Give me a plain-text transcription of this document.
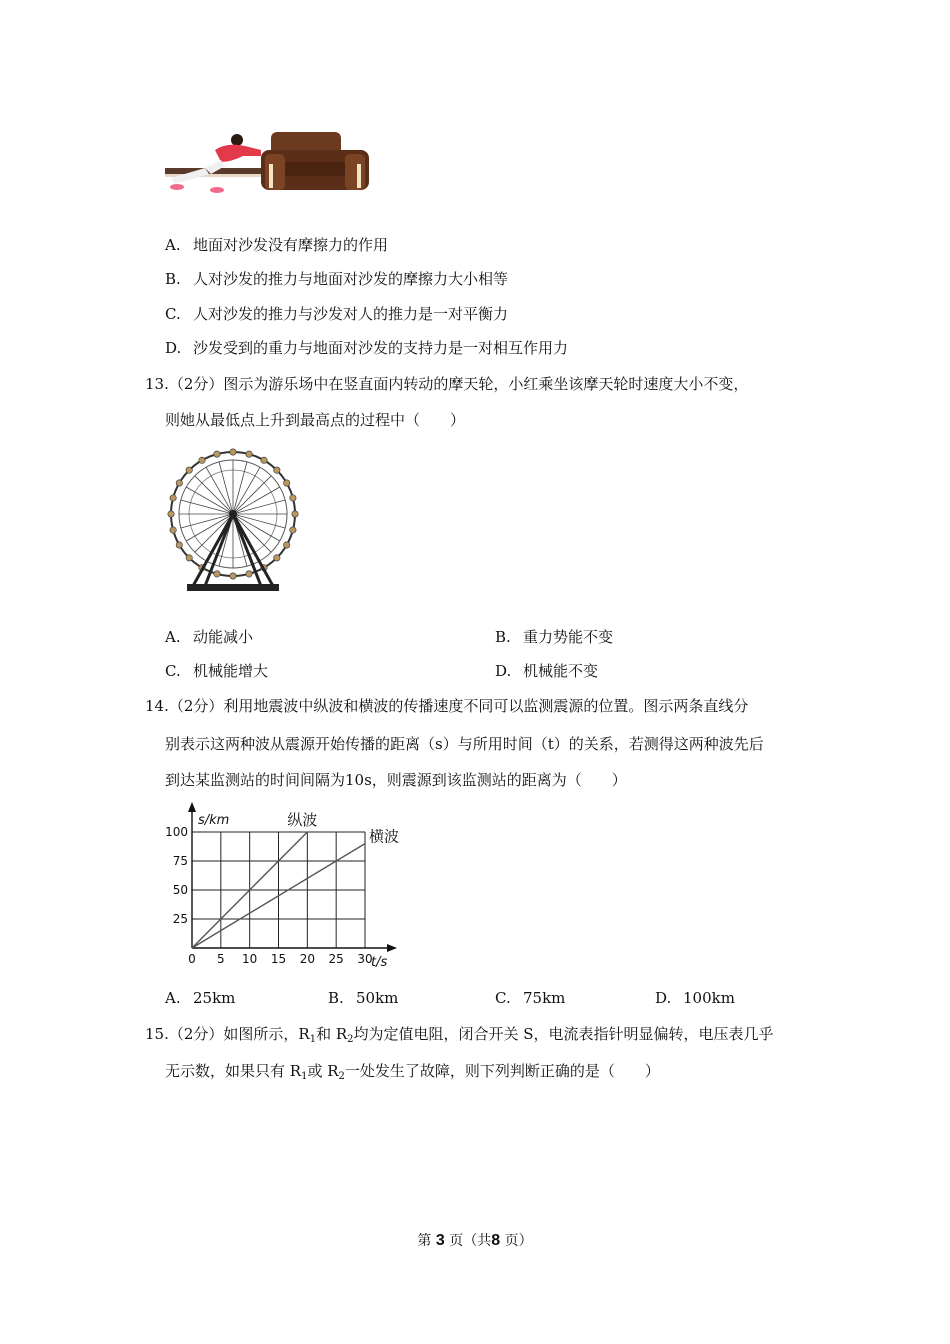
A. 地面对沙发没有摩擦力的作用
B. 人对沙发的推力与地面对沙发的摩擦力大小相等
C. 人对沙发的推力与沙发对人的推力是一对平衡力
D. 沙发受到的重力与地面对沙发的支持力是一对相互作用力
13.（2分）图示为游乐场中在竖直面内转动的摩天轮，小红乘坐该摩天轮时速度大小不变，
则她从最低点上升到最高点的过程中（　　）
A. 动能减小	B. 重力势能不变
C. 机械能增大	D. 机械能不变
14.（2分）利用地震波中纵波和横波的传播速度不同可以监测震源的位置。图示两条直线分
别表示这两种波从震源开始传播的距离（s）与所用时间（t）的关系，若测得这两种波先后
到达某监测站的时间间隔为10s，则震源到该监测站的距离为（　　）
0 5 10 15 20 25 30
25
50
75
100
s/km
t/s
纵波
横波
A. 25km	B. 50km	C. 75km	D. 100km
15.（2分）如图所示，$R_1$和 $R_2$均为定值电阻，闭合开关 S，电流表指针明显偏转，电压表几乎
无示数，如果只有 $R_1$或 $R_2$一处发生了故障，则下列判断正确的是（　　）
第 3 页（共8 页）
